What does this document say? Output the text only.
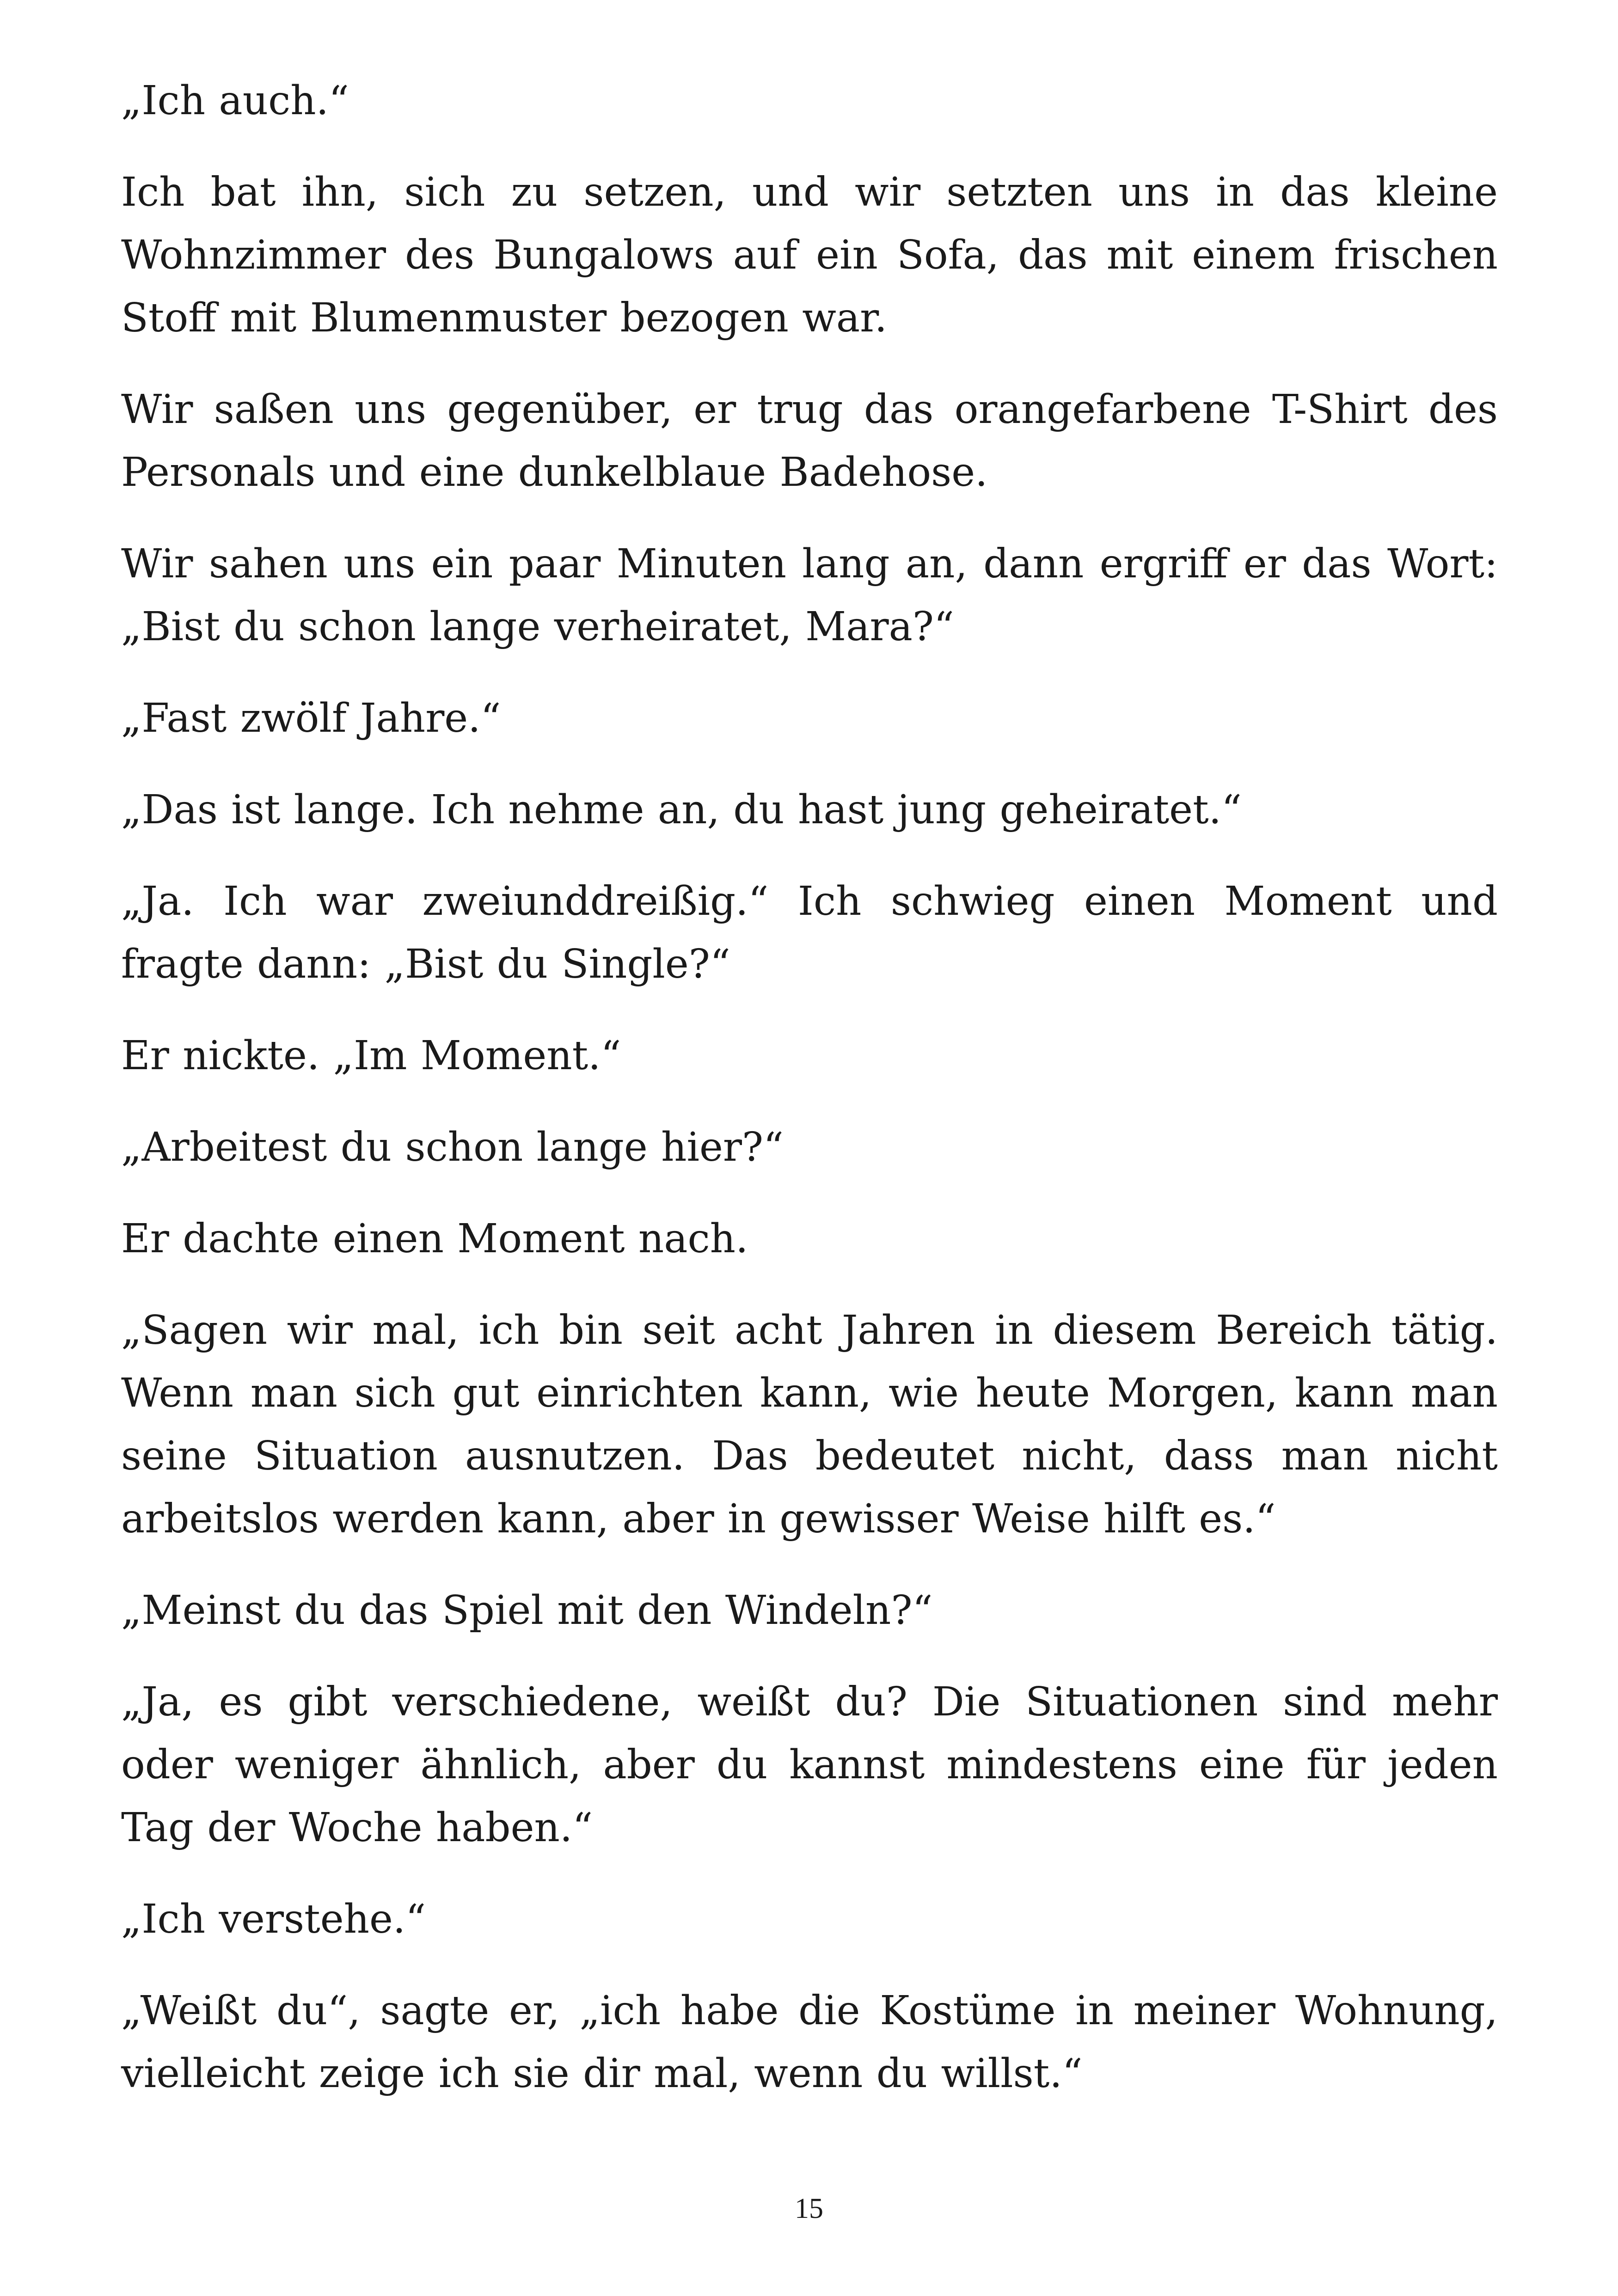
„Ich auch.“

Ich bat ihn, sich zu setzen, und wir setzten uns in das kleine Wohnzimmer des Bungalows auf ein Sofa, das mit einem frischen Stoff mit Blumenmuster bezogen war.

Wir saßen uns gegenüber, er trug das orangefarbene T-Shirt des Personals und eine dunkelblaue Badehose.

Wir sahen uns ein paar Minuten lang an, dann ergriff er das Wort: „Bist du schon lange verheiratet, Mara?“

„Fast zwölf Jahre.“

„Das ist lange. Ich nehme an, du hast jung geheiratet.“

„Ja. Ich war zweiunddreißig.“ Ich schwieg einen Moment und fragte dann: „Bist du Single?“

Er nickte. „Im Moment.“

„Arbeitest du schon lange hier?“

Er dachte einen Moment nach.

„Sagen wir mal, ich bin seit acht Jahren in diesem Bereich tätig. Wenn man sich gut einrichten kann, wie heute Morgen, kann man seine Situation ausnutzen. Das bedeutet nicht, dass man nicht arbeitslos werden kann, aber in gewisser Weise hilft es.“

„Meinst du das Spiel mit den Windeln?“

„Ja, es gibt verschiedene, weißt du? Die Situationen sind mehr oder weniger ähnlich, aber du kannst mindestens eine für jeden Tag der Woche haben.“

„Ich verstehe.“

„Weißt du“, sagte er, „ich habe die Kostüme in meiner Wohnung, vielleicht zeige ich sie dir mal, wenn du willst.“

15
